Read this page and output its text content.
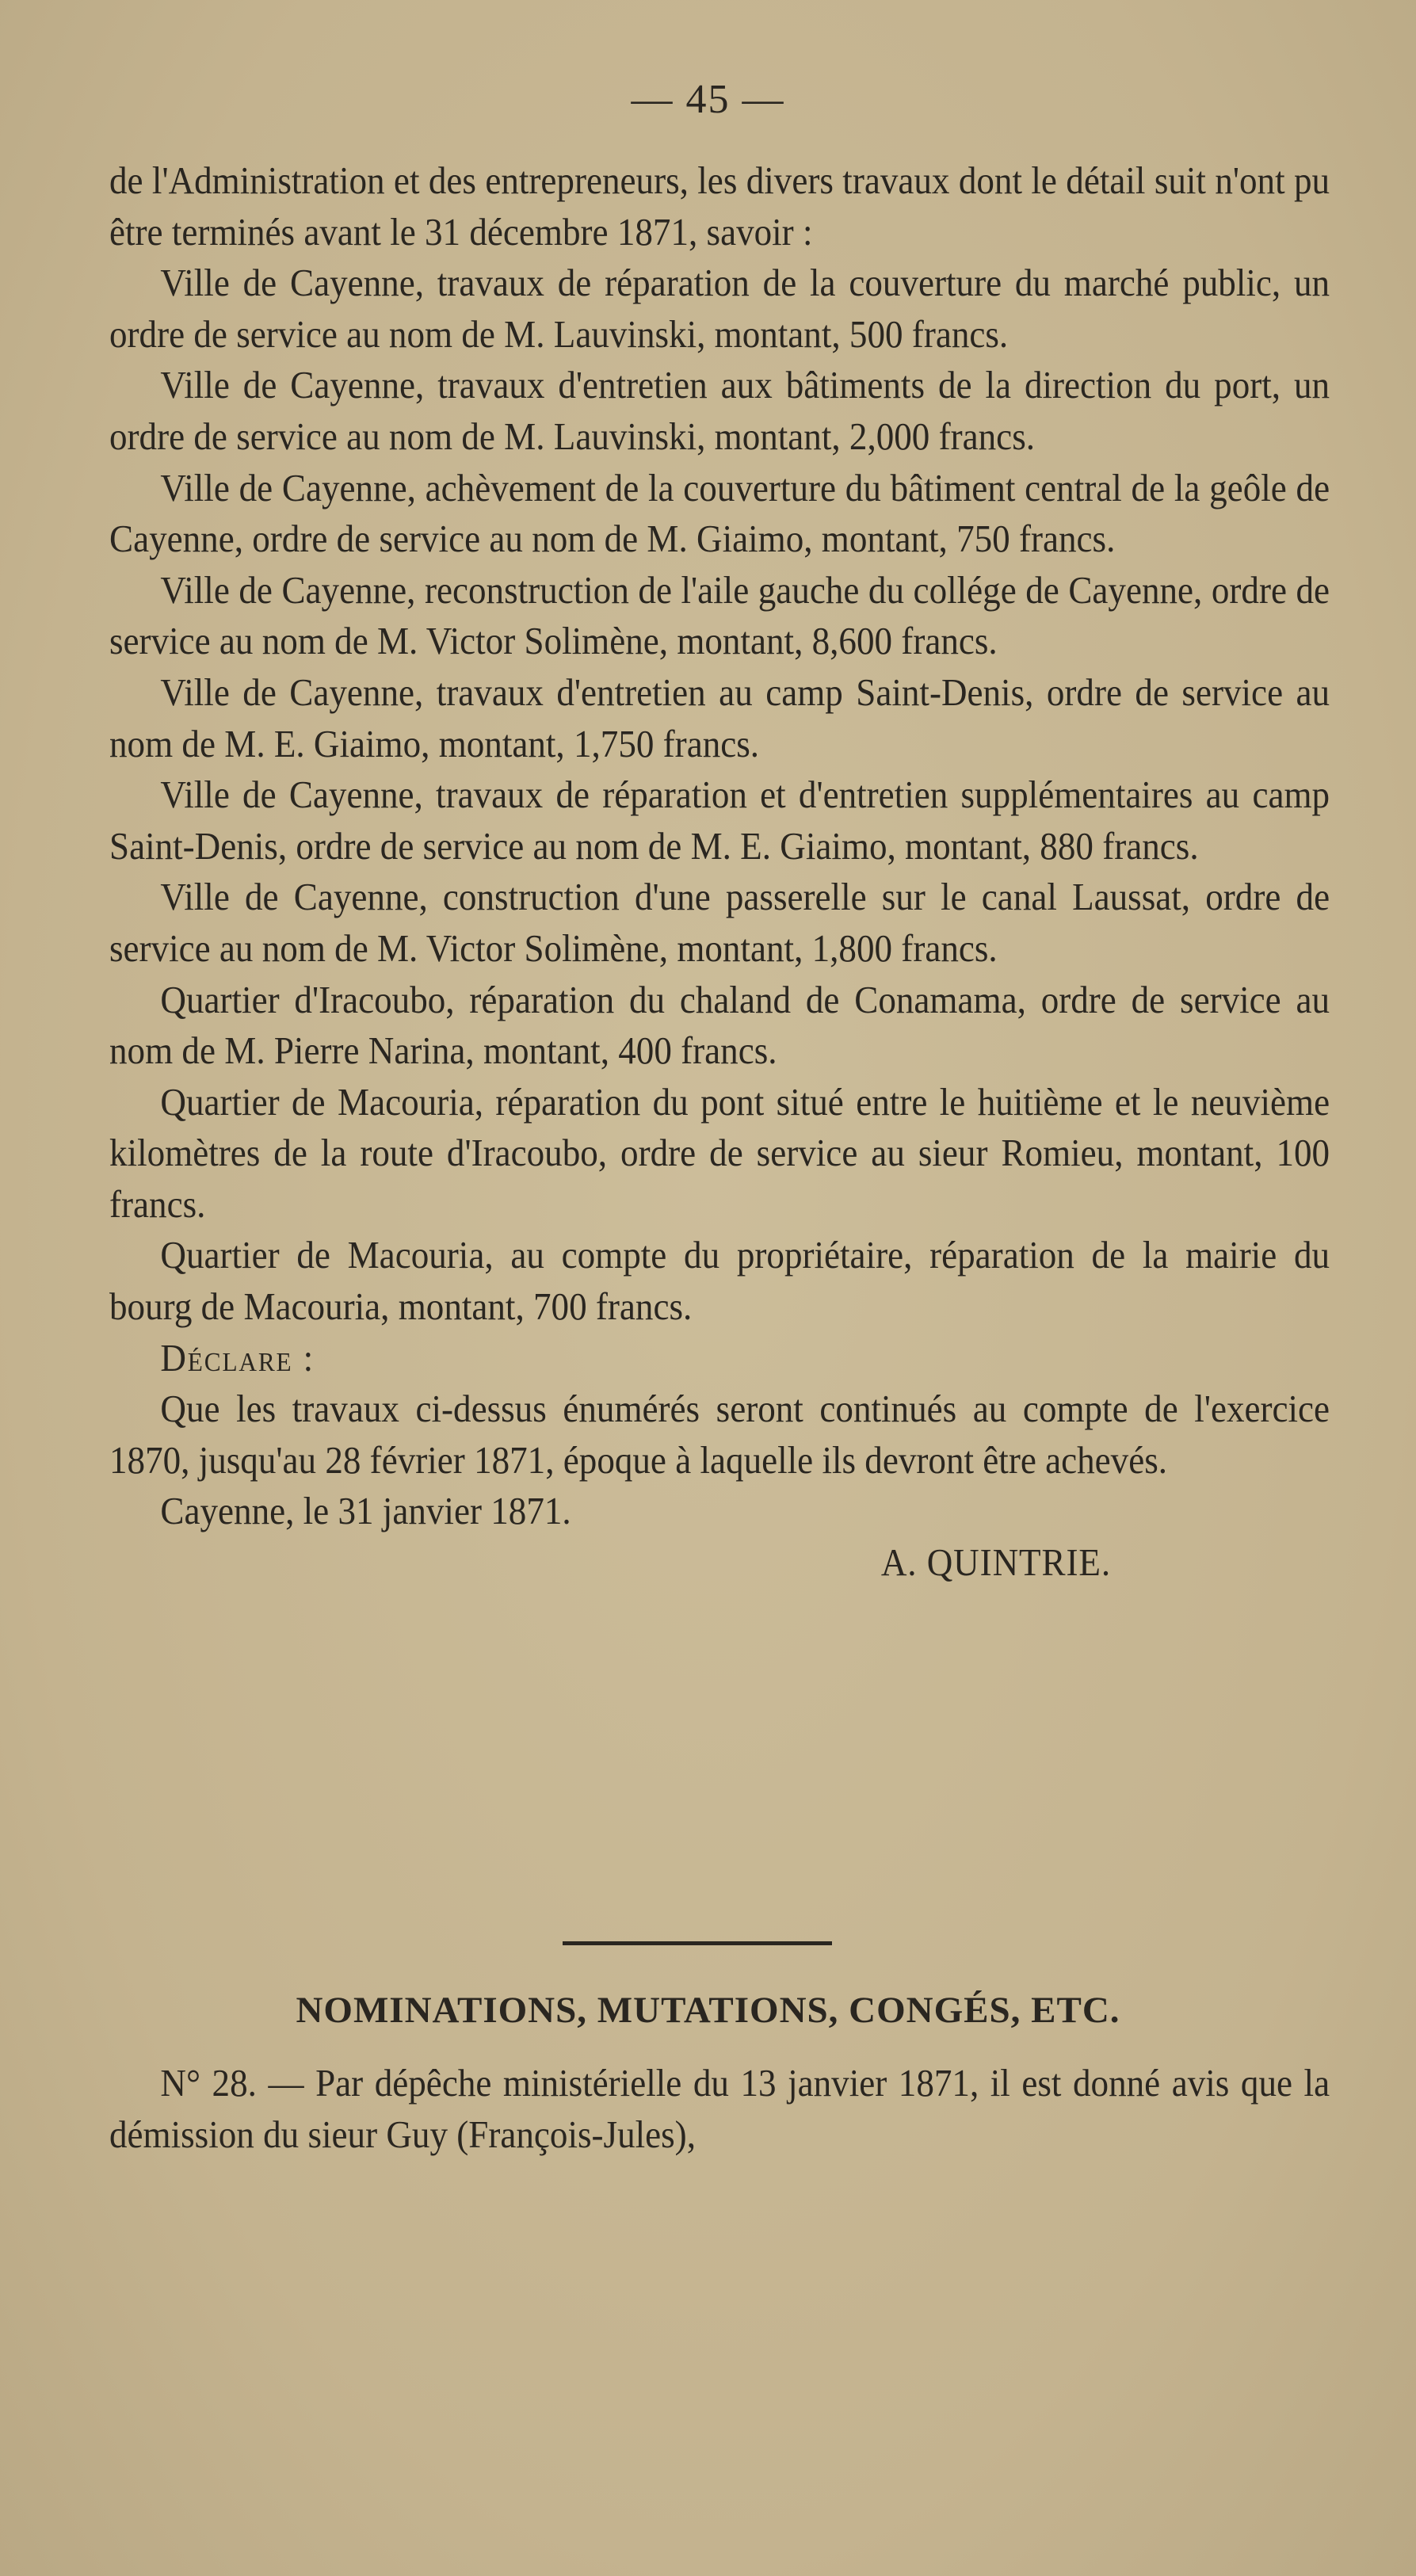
— 45 —

de l'Administration et des entrepreneurs, les divers travaux dont le détail suit n'ont pu être terminés avant le 31 décembre 1871, savoir :

Ville de Cayenne, travaux de réparation de la couverture du marché public, un ordre de service au nom de M. Lauvinski, montant, 500 francs.

Ville de Cayenne, travaux d'entretien aux bâtiments de la direction du port, un ordre de service au nom de M. Lauvinski, montant, 2,000 francs.

Ville de Cayenne, achèvement de la couverture du bâtiment central de la geôle de Cayenne, ordre de service au nom de M. Giaimo, montant, 750 francs.

Ville de Cayenne, reconstruction de l'aile gauche du collége de Cayenne, ordre de service au nom de M. Victor Solimène, montant, 8,600 francs.

Ville de Cayenne, travaux d'entretien au camp Saint-Denis, ordre de service au nom de M. E. Giaimo, montant, 1,750 francs.

Ville de Cayenne, travaux de réparation et d'entretien supplémentaires au camp Saint-Denis, ordre de service au nom de M. E. Giaimo, montant, 880 francs.

Ville de Cayenne, construction d'une passerelle sur le canal Laussat, ordre de service au nom de M. Victor Solimène, montant, 1,800 francs.

Quartier d'Iracoubo, réparation du chaland de Conamama, ordre de service au nom de M. Pierre Narina, montant, 400 francs.

Quartier de Macouria, réparation du pont situé entre le huitième et le neuvième kilomètres de la route d'Iracoubo, ordre de service au sieur Romieu, montant, 100 francs.

Quartier de Macouria, au compte du propriétaire, réparation de la mairie du bourg de Macouria, montant, 700 francs.

Déclare :

Que les travaux ci-dessus énumérés seront continués au compte de l'exercice 1870, jusqu'au 28 février 1871, époque à laquelle ils devront être achevés.

Cayenne, le 31 janvier 1871.

A. QUINTRIE.

NOMINATIONS, MUTATIONS, CONGÉS, ETC.

N° 28. — Par dépêche ministérielle du 13 janvier 1871, il est donné avis que la démission du sieur Guy (François-Jules),
